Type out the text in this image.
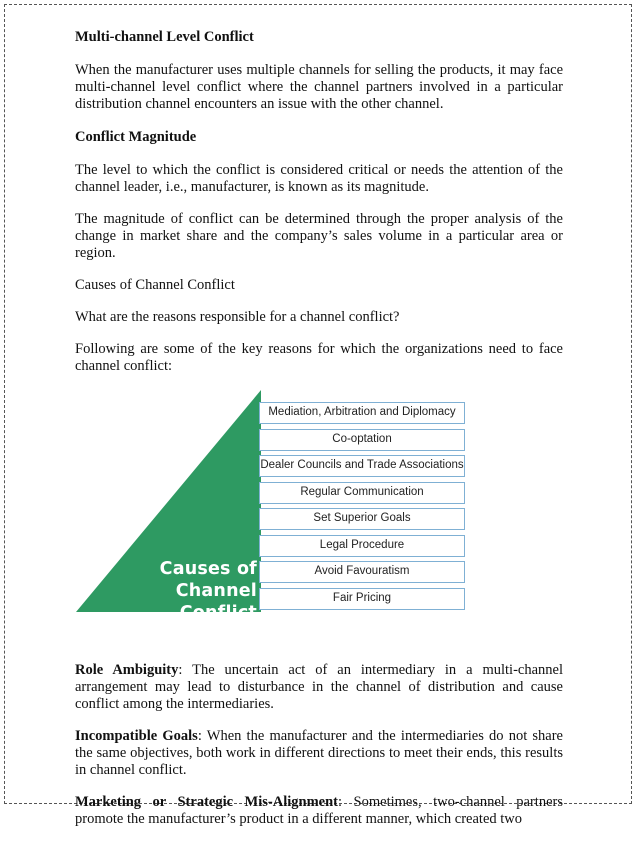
Multi-channel Level Conflict

When the manufacturer uses multiple channels for selling the products, it may face multi-channel level conflict where the channel partners involved in a particular distribution channel encounters an issue with the other channel.

Conflict Magnitude

The level to which the conflict is considered critical or needs the attention of the channel leader, i.e., manufacturer, is known as its magnitude.

The magnitude of conflict can be determined through the proper analysis of the change in market share and the company’s sales volume in a particular area or region.

Causes of Channel Conflict

What are the reasons responsible for a channel conflict?

Following are some of the key reasons for which the organizations need to face channel conflict:

Causes of
Channel Conflict
Mediation, Arbitration and Diplomacy
Co-optation
Dealer Councils and Trade Associations
Regular Communication
Set Superior Goals
Legal Procedure
Avoid Favouratism
Fair Pricing

Role Ambiguity: The uncertain act of an intermediary in a multi-channel arrangement may lead to disturbance in the channel of distribution and cause conflict among the intermediaries.

Incompatible Goals: When the manufacturer and the intermediaries do not share the same objectives, both work in different directions to meet their ends, this results in channel conflict.

Marketing or Strategic Mis-Alignment: Sometimes, two-channel partners promote the manufacturer’s product in a different manner, which created two
